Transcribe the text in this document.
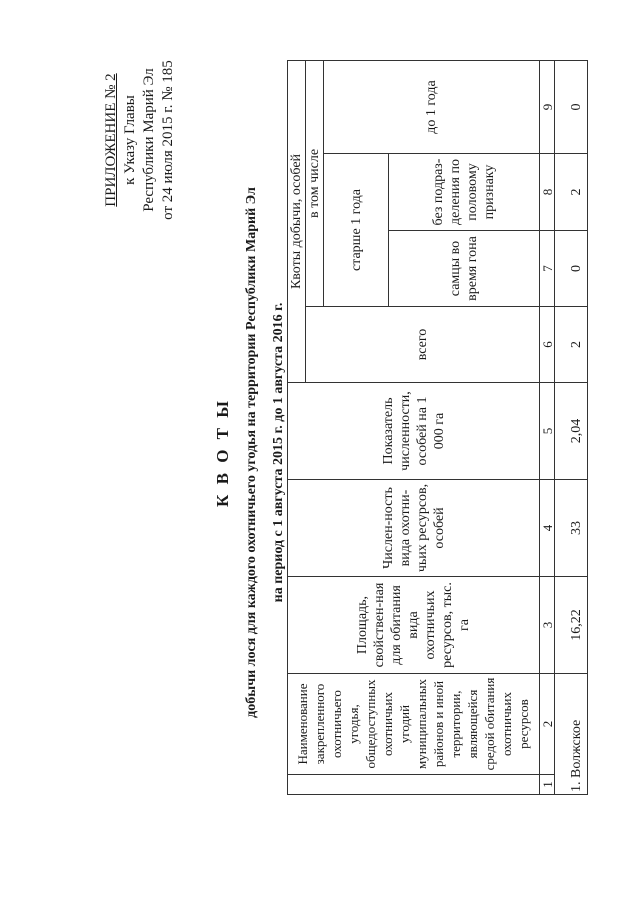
ПРИЛОЖЕНИЕ № 2 к Указу Главы Республики Марий Эл от 24 июля 2015 г. № 185
К В О Т Ы добычи лося для каждого охотничьего угодья на территории Республики Марий Эл на период с 1 августа 2015 г. до 1 августа 2016 г.
	Наименование закрепленного охотничьего угодья, общедоступных охотничьих угодий муниципальных районов и иной территории, являющейся средой обитания охотничьих ресурсов	Площадь, свойствен-ная для обитания вида охотничьих ресурсов, тыс. га	Числен-ность вида охотни-чьих ресурсов, особей	Показатель численности, особей на 1 000 га	Квоты добычи, особей			
					всего	в том числе		
						старше 1 года		до 1 года
						самцы во время гона	без подраз-деления по половому признаку	
1	2	3	4	5	6	7	8	9
1. Волжское		16,22	33	2,04	2	0	2	0
